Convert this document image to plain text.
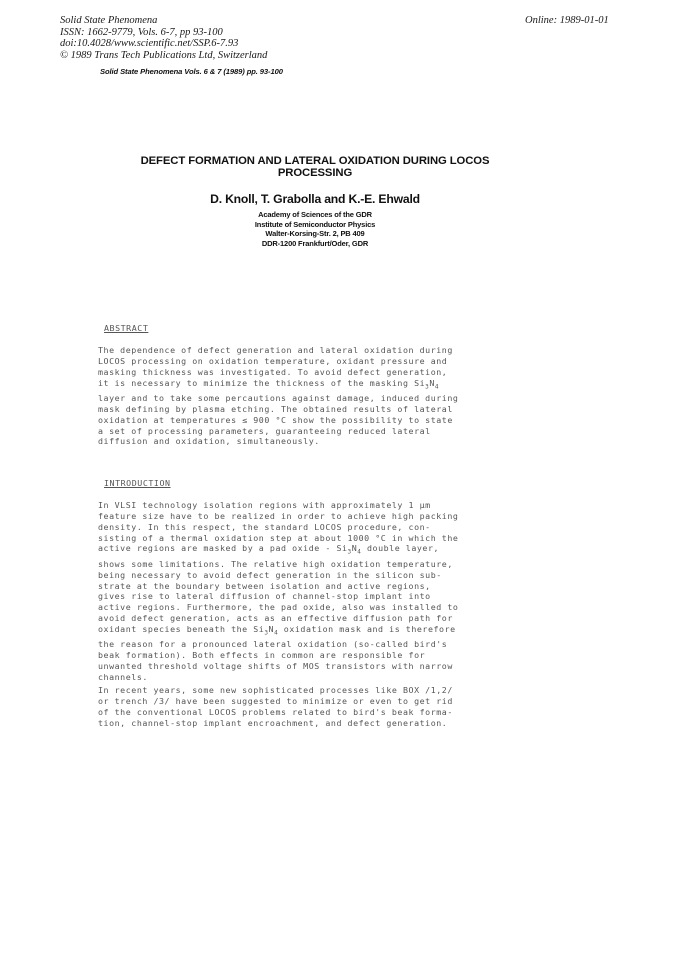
Solid State Phenomena
ISSN: 1662-9779, Vols. 6-7, pp 93-100
doi:10.4028/www.scientific.net/SSP.6-7.93
© 1989 Trans Tech Publications Ltd, Switzerland
Online: 1989-01-01
Solid State Phenomena Vols. 6 & 7 (1989) pp. 93-100
DEFECT FORMATION AND LATERAL OXIDATION DURING LOCOS
PROCESSING
D. Knoll, T. Grabolla and K.-E. Ehwald
Academy of Sciences of the GDR
Institute of Semiconductor Physics
Walter-Korsing-Str. 2, PB 409
DDR-1200 Frankfurt/Oder, GDR
ABSTRACT
The dependence of defect generation and lateral oxidation during
LOCOS processing on oxidation temperature, oxidant pressure and
masking thickness was investigated. To avoid defect generation,
it is necessary to minimize the thickness of the masking $Si_3N_4$
layer and to take some percautions against damage, induced during
mask defining by plasma etching. The obtained results of lateral
oxidation at temperatures ≤ 900 °C show the possibility to state
a set of processing parameters, guaranteeing reduced lateral
diffusion and oxidation, simultaneously.
INTRODUCTION
In VLSI technology isolation regions with approximately 1 µm
feature size have to be realized in order to achieve high packing
density. In this respect, the standard LOCOS procedure, con-
sisting of a thermal oxidation step at about 1000 °C in which the
active regions are masked by a pad oxide - $Si_3N_4$ double layer,
shows some limitations. The relative high oxidation temperature,
being necessary to avoid defect generation in the silicon sub-
strate at the boundary between isolation and active regions,
gives rise to lateral diffusion of channel-stop implant into
active regions. Furthermore, the pad oxide, also was installed to
avoid defect generation, acts as an effective diffusion path for
oxidant species beneath the $Si_3N_4$ oxidation mask and is therefore
the reason for a pronounced lateral oxidation (so-called bird's
beak formation). Both effects in common are responsible for
unwanted threshold voltage shifts of MOS transistors with narrow
channels.
In recent years, some new sophisticated processes like BOX /1,2/
or trench /3/ have been suggested to minimize or even to get rid
of the conventional LOCOS problems related to bird's beak forma-
tion, channel-stop implant encroachment, and defect generation.
